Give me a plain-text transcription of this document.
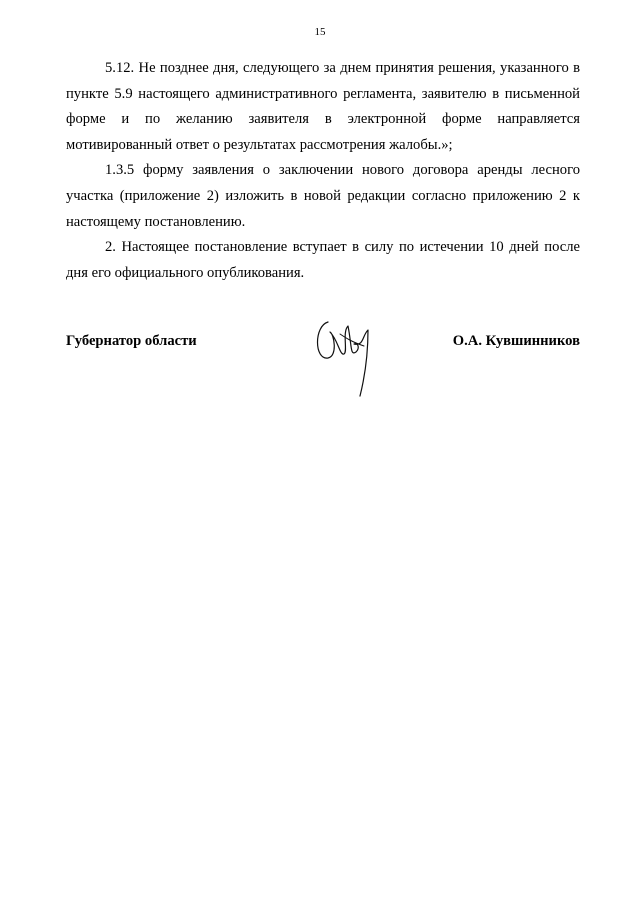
15

5.12. Не позднее дня, следующего за днем принятия решения, указанного в пункте 5.9 настоящего административного регламента, заявителю в письменной форме и по желанию заявителя в электронной форме направляется мотивированный ответ о результатах рассмотрения жалобы.»;

1.3.5 форму заявления о заключении нового договора аренды лесного участка (приложение 2) изложить в новой редакции согласно приложению 2 к настоящему постановлению.

2. Настоящее постановление вступает в силу по истечении 10 дней после дня его официального опубликования.

Губернатор области	О.А. Кувшинников
